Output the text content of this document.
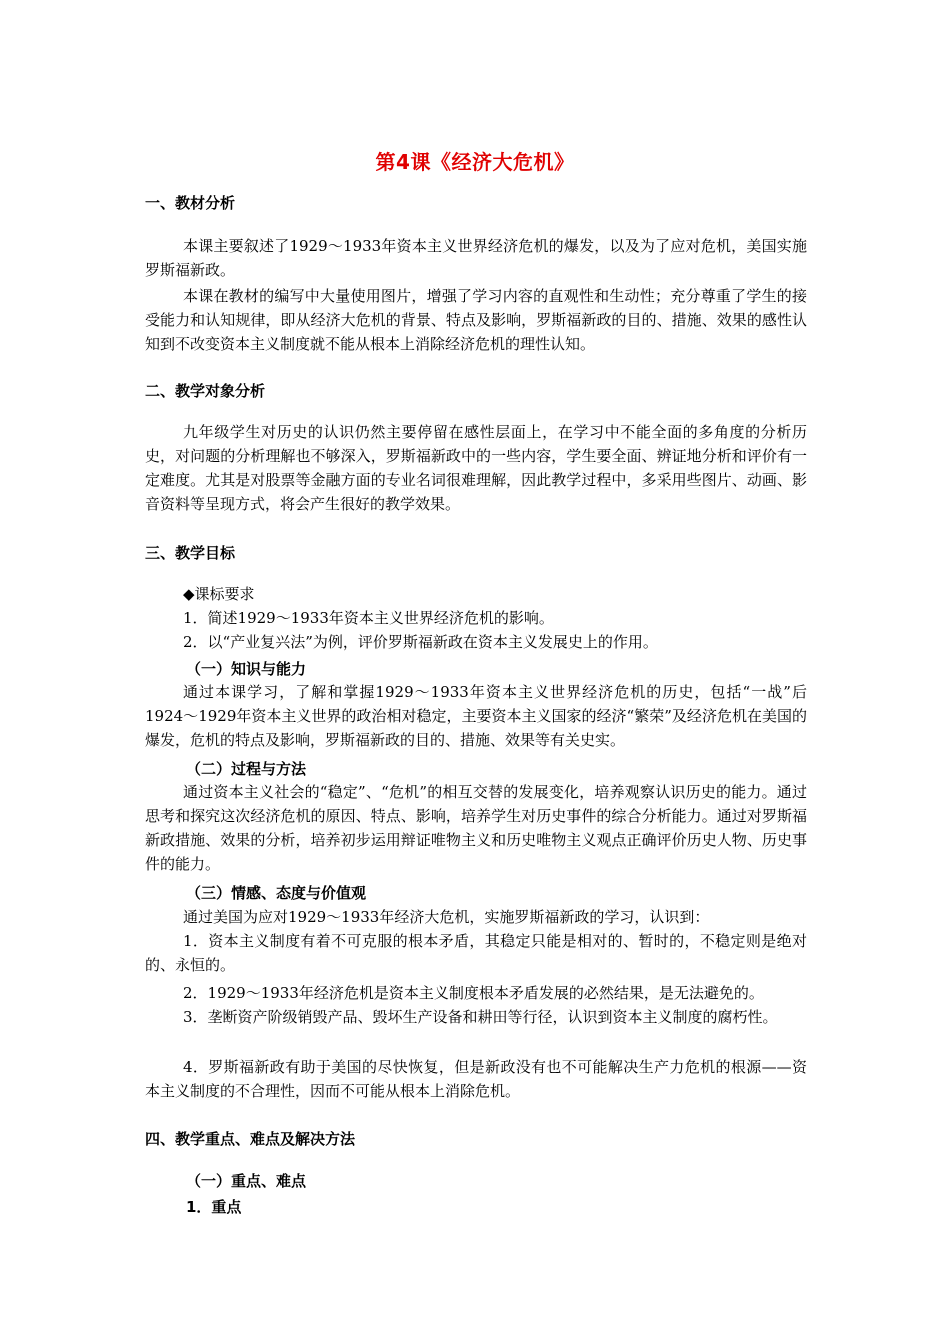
第4课《经济大危机》
一、教材分析

本课主要叙述了1929～1933年资本主义世界经济危机的爆发，以及为了应对危机，美国实施罗斯福新政。

本课在教材的编写中大量使用图片，增强了学习内容的直观性和生动性；充分尊重了学生的接受能力和认知规律，即从经济大危机的背景、特点及影响，罗斯福新政的目的、措施、效果的感性认知到不改变资本主义制度就不能从根本上消除经济危机的理性认知。

二、教学对象分析

九年级学生对历史的认识仍然主要停留在感性层面上，在学习中不能全面的多角度的分析历史，对问题的分析理解也不够深入，罗斯福新政中的一些内容，学生要全面、辨证地分析和评价有一定难度。尤其是对股票等金融方面的专业名词很难理解，因此教学过程中，多采用些图片、动画、影音资料等呈现方式，将会产生很好的教学效果。

三、教学目标
◆课标要求
1．简述1929～1933年资本主义世界经济危机的影响。
2．以“产业复兴法”为例，评价罗斯福新政在资本主义发展史上的作用。
（一）知识与能力

通过本课学习，了解和掌握1929～1933年资本主义世界经济危机的历史，包括“一战”后1924～1929年资本主义世界的政治相对稳定，主要资本主义国家的经济“繁荣”及经济危机在美国的爆发，危机的特点及影响，罗斯福新政的目的、措施、效果等有关史实。

（二）过程与方法

通过资本主义社会的“稳定”、“危机”的相互交替的发展变化，培养观察认识历史的能力。通过思考和探究这次经济危机的原因、特点、影响，培养学生对历史事件的综合分析能力。通过对罗斯福新政措施、效果的分析，培养初步运用辩证唯物主义和历史唯物主义观点正确评价历史人物、历史事件的能力。

（三）情感、态度与价值观
通过美国为应对1929～1933年经济大危机，实施罗斯福新政的学习，认识到：

1．资本主义制度有着不可克服的根本矛盾，其稳定只能是相对的、暂时的，不稳定则是绝对的、永恒的。

2．1929～1933年经济危机是资本主义制度根本矛盾发展的必然结果，是无法避免的。

3．垄断资产阶级销毁产品、毁坏生产设备和耕田等行径，认识到资本主义制度的腐朽性。

4．罗斯福新政有助于美国的尽快恢复，但是新政没有也不可能解决生产力危机的根源——资本主义制度的不合理性，因而不可能从根本上消除危机。

四、教学重点、难点及解决方法
（一）重点、难点
1．重点
